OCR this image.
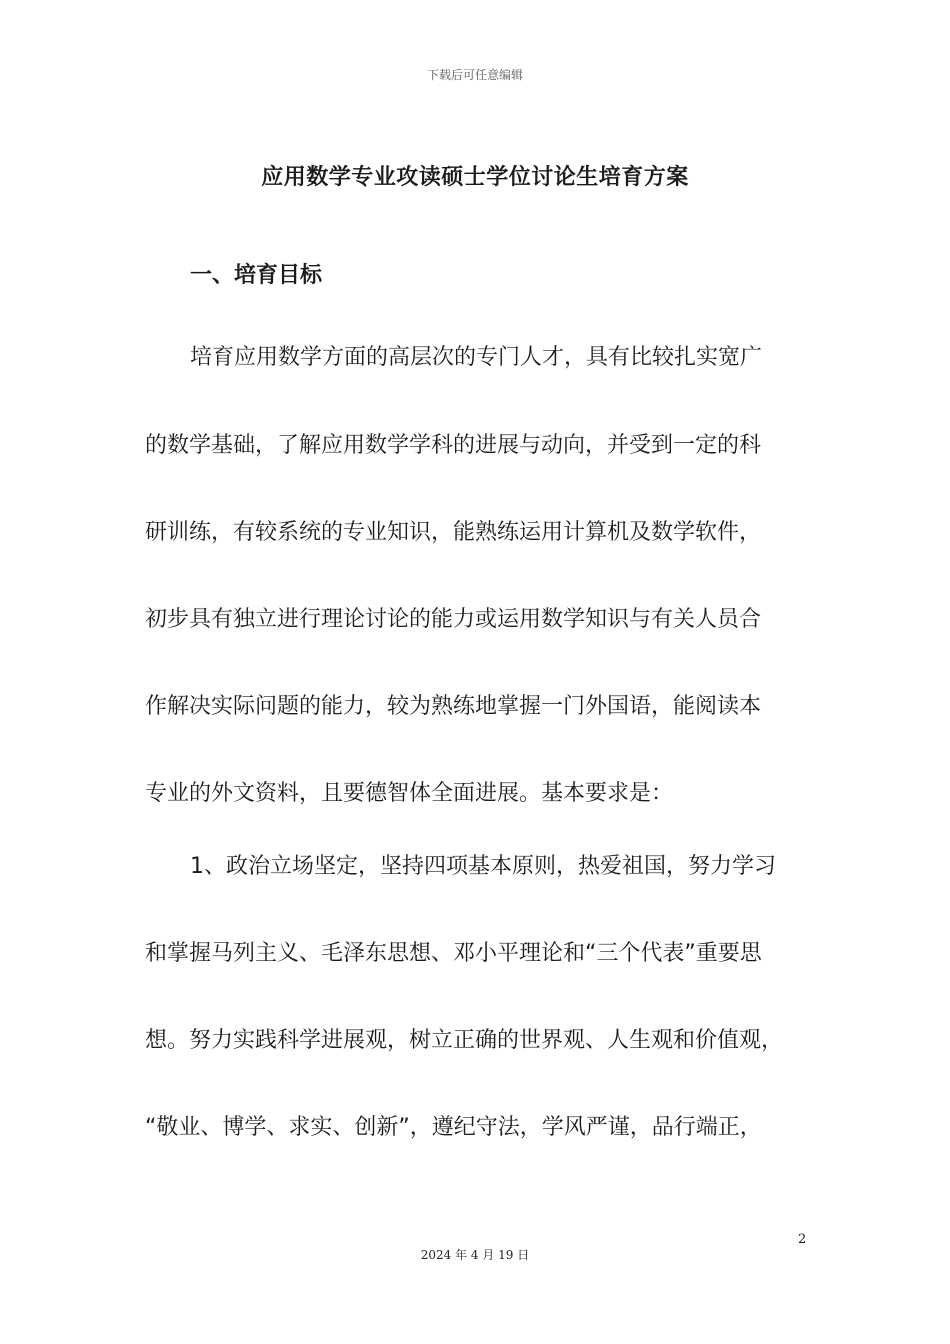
下载后可任意编辑
应用数学专业攻读硕士学位讨论生培育方案
一、培育目标
培育应用数学方面的高层次的专门人才，具有比较扎实宽广
的数学基础，了解应用数学学科的进展与动向，并受到一定的科
研训练，有较系统的专业知识，能熟练运用计算机及数学软件，
初步具有独立进行理论讨论的能力或运用数学知识与有关人员合
作解决实际问题的能力，较为熟练地掌握一门外国语，能阅读本
专业的外文资料，且要德智体全面进展。基本要求是：
1、政治立场坚定，坚持四项基本原则，热爱祖国，努力学习
和掌握马列主义、毛泽东思想、邓小平理论和“三个代表”重要思
想。努力实践科学进展观，树立正确的世界观、人生观和价值观，
“敬业、博学、求实、创新”，遵纪守法，学风严谨，品行端正，
2
2024 年 4 月 19 日
